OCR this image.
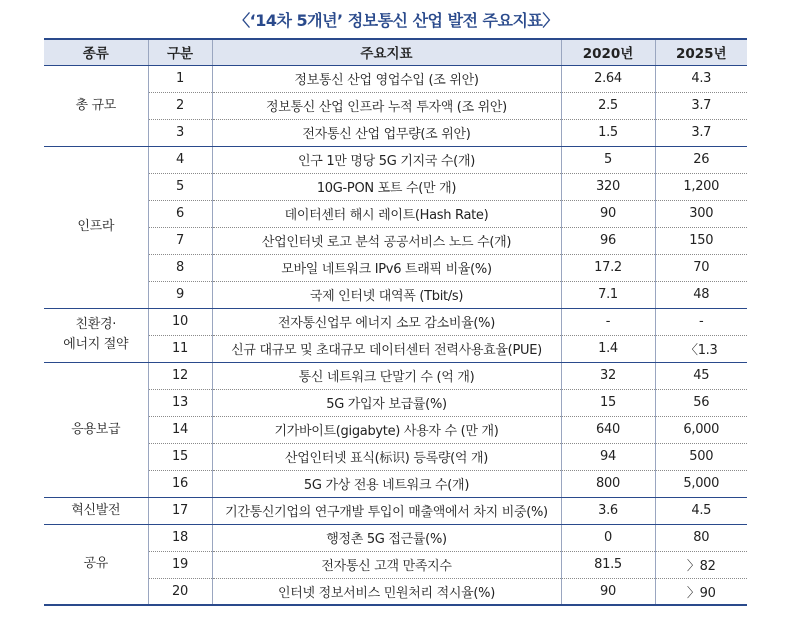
〈‘14차 5개년’ 정보통신 산업 발전 주요지표〉
종류	구분	주요지표	2020년	2025년
총 규모	1	정보통신 산업 영업수입 (조 위안)	2.64	4.3
	2	정보통신 산업 인프라 누적 투자액 (조 위안)	2.5	3.7
	3	전자통신 산업 업무량(조 위안)	1.5	3.7
인프라	4	인구 1만 명당 5G 기지국 수(개)	5	26
	5	10G-PON 포트 수(만 개)	320	1,200
	6	데이터센터 해시 레이트(Hash Rate)	90	300
	7	산업인터넷 로고 분석 공공서비스 노드 수(개)	96	150
	8	모바일 네트워크 IPv6 트래픽 비율(%)	17.2	70
	9	국제 인터넷 대역폭 (Tbit/s)	7.1	48
친환경·
에너지 절약	10	전자통신업무 에너지 소모 감소비율(%)	-	-
	11	신규 대규모 및 초대규모 데이터센터 전력사용효율(PUE)	1.4	〈1.3
응용보급	12	통신 네트워크 단말기 수 (억 개)	32	45
	13	5G 가입자 보급률(%)	15	56
	14	기가바이트(gigabyte) 사용자 수 (만 개)	640	6,000
	15	산업인터넷 표식(标识) 등록량(억 개)	94	500
	16	5G 가상 전용 네트워크 수(개)	800	5,000
혁신발전	17	기간통신기업의 연구개발 투입이 매출액에서 차지 비중(%)	3.6	4.5
공유	18	행정촌 5G 접근률(%)	0	80
	19	전자통신 고객 만족지수	81.5	〉82
	20	인터넷 정보서비스 민원처리 적시율(%)	90	〉90
